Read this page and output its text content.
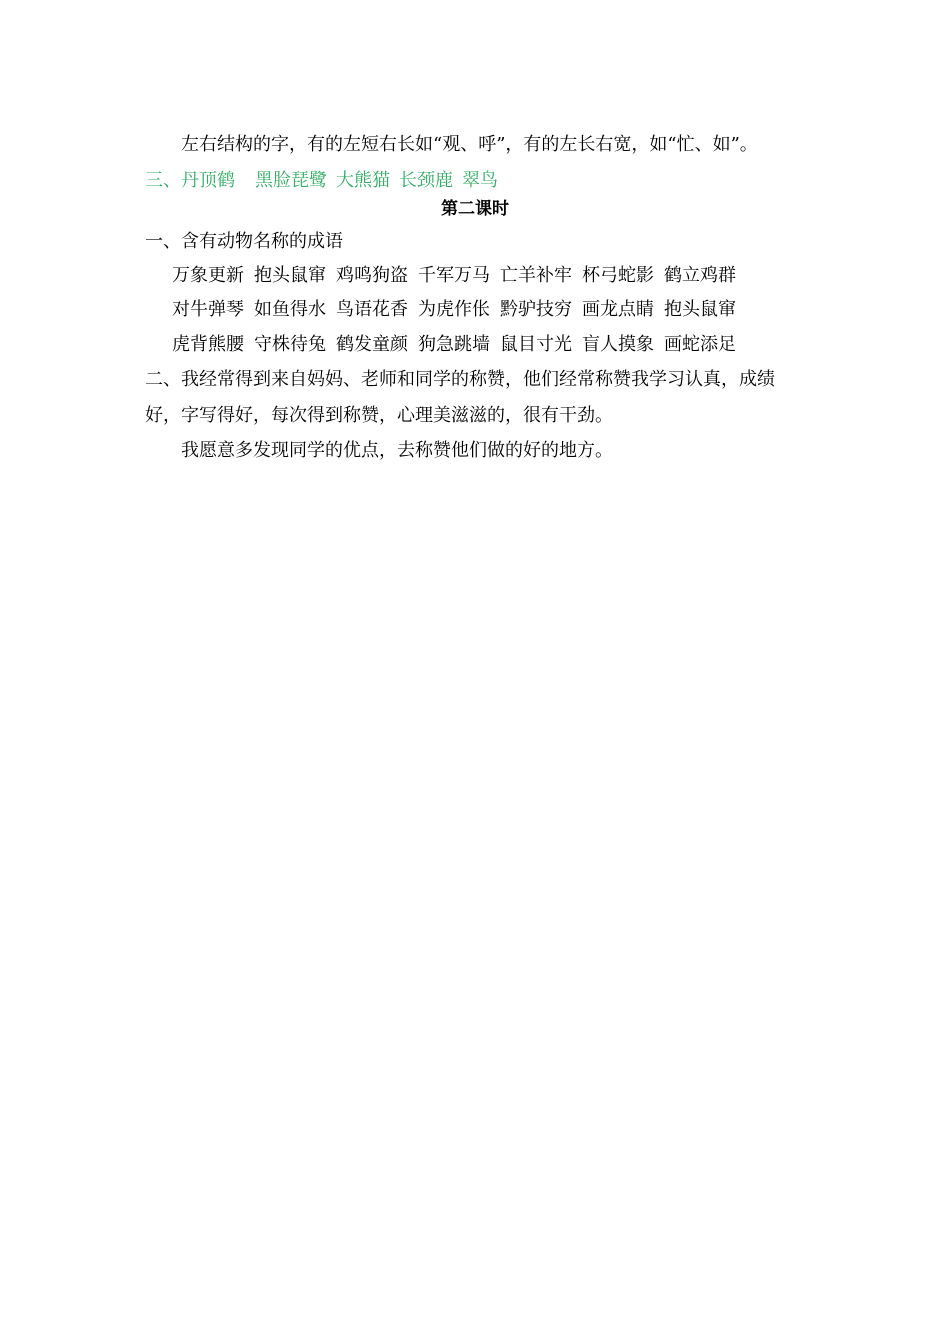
左右结构的字，有的左短右长如“观、呼”，有的左长右宽，如“忙、如”。
三、丹顶鹤 黑脸琵鹭 大熊猫 长颈鹿 翠鸟
第二课时
一、含有动物名称的成语
万象更新 抱头鼠窜 鸡鸣狗盗 千军万马 亡羊补牢 杯弓蛇影 鹤立鸡群
对牛弹琴 如鱼得水 鸟语花香 为虎作伥 黔驴技穷 画龙点睛 抱头鼠窜
虎背熊腰 守株待兔 鹤发童颜 狗急跳墙 鼠目寸光 盲人摸象 画蛇添足
二、我经常得到来自妈妈、老师和同学的称赞，他们经常称赞我学习认真，成绩
好，字写得好，每次得到称赞，心理美滋滋的，很有干劲。
我愿意多发现同学的优点，去称赞他们做的好的地方。
